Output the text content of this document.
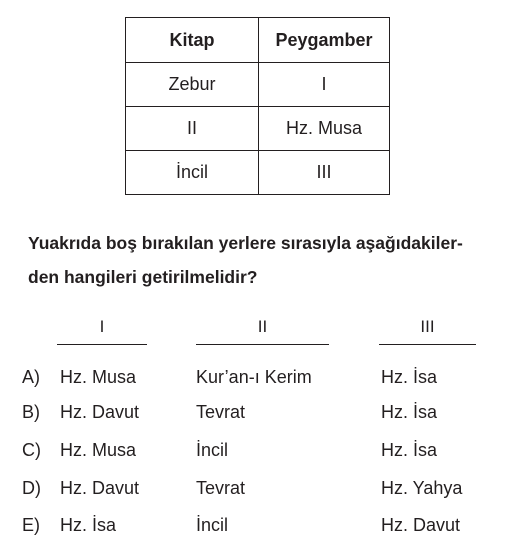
Kitap	Peygamber
Zebur	I
II	Hz. Musa
İncil	III

Yuakrıda boş bırakılan yerlere sırasıyla aşağıdakiler-
den hangileri getirilmelidir?

I	II	III
A) Hz. Musa	Kur’an-ı Kerim	Hz. İsa
B) Hz. Davut	Tevrat	Hz. İsa
C) Hz. Musa	İncil	Hz. İsa
D) Hz. Davut	Tevrat	Hz. Yahya
E) Hz. İsa	İncil	Hz. Davut
